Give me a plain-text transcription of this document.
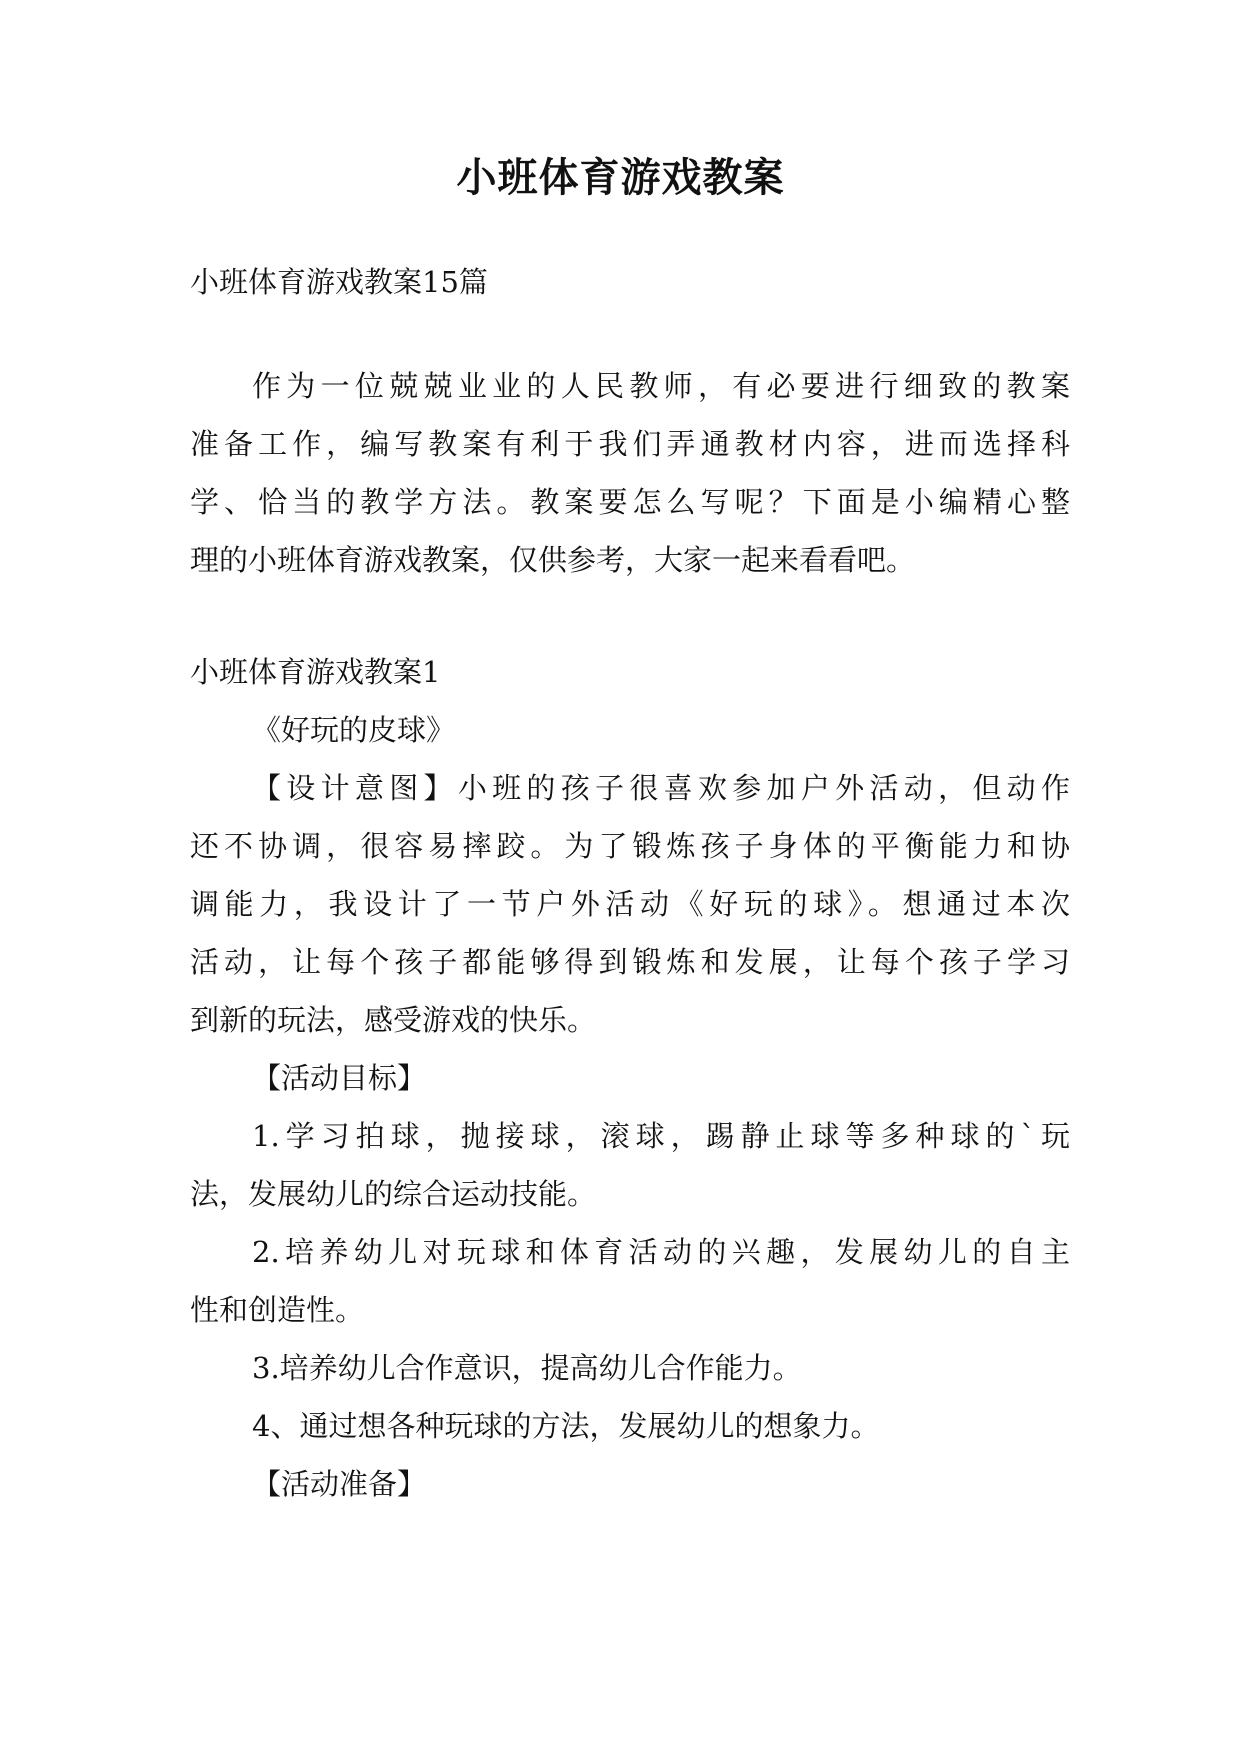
小班体育游戏教案

小班体育游戏教案15篇

作为一位兢兢业业的人民教师，有必要进行细致的教案

准备工作，编写教案有利于我们弄通教材内容，进而选择科

学、恰当的教学方法。教案要怎么写呢？下面是小编精心整

理的小班体育游戏教案，仅供参考，大家一起来看看吧。

小班体育游戏教案1

《好玩的皮球》

【设计意图】小班的孩子很喜欢参加户外活动，但动作

还不协调，很容易摔跤。为了锻炼孩子身体的平衡能力和协

调能力，我设计了一节户外活动《好玩的球》。想通过本次

活动，让每个孩子都能够得到锻炼和发展，让每个孩子学习

到新的玩法，感受游戏的快乐。

【活动目标】

1.学习拍球，抛接球，滚球，踢静止球等多种球的`玩

法，发展幼儿的综合运动技能。

2.培养幼儿对玩球和体育活动的兴趣，发展幼儿的自主

性和创造性。

3.培养幼儿合作意识，提高幼儿合作能力。

4、通过想各种玩球的方法，发展幼儿的想象力。

【活动准备】
